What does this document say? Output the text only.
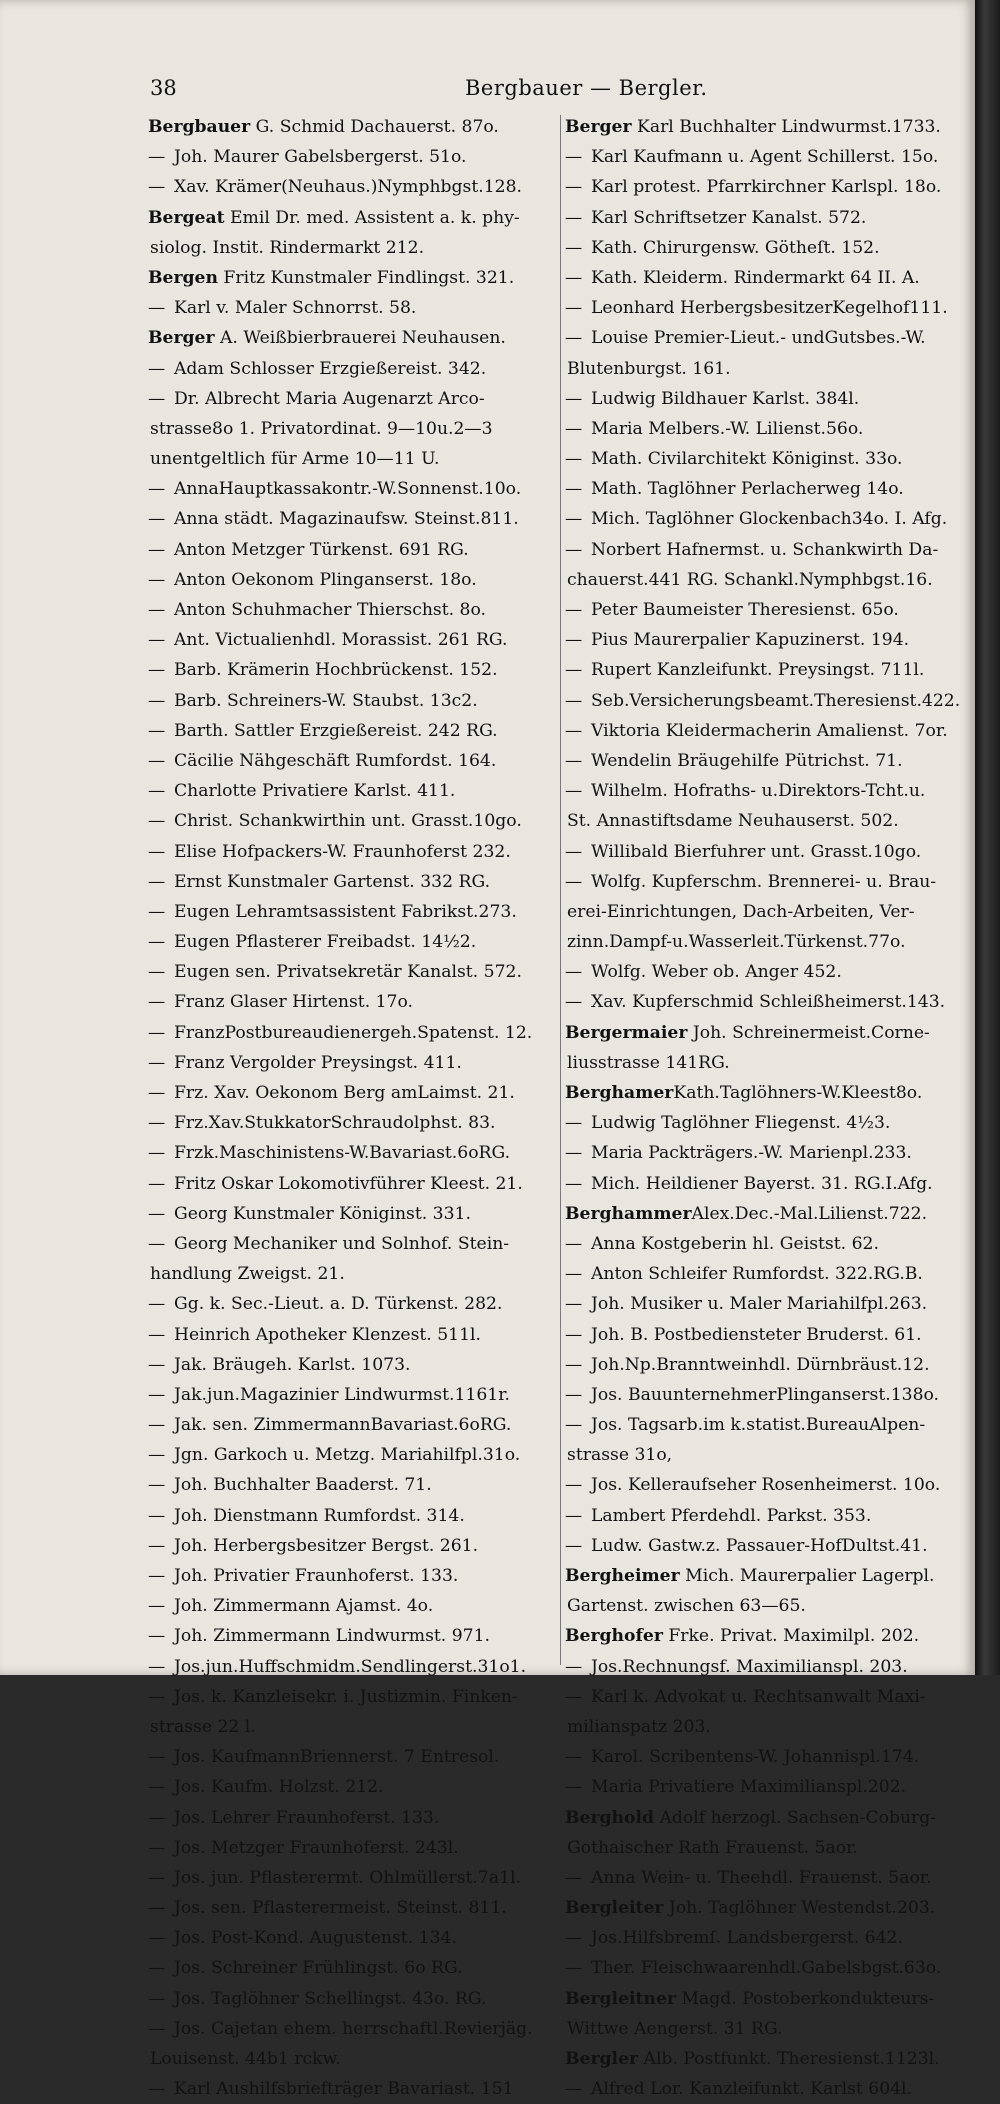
38	Bergbauer — Bergler.
Bergbauer G. Schmid Dachauerst. 87o.
— Joh. Maurer Gabelsbergerst. 51o.
— Xav. Krämer(Neuhaus.)Nymphbgst.128.
Bergeat Emil Dr. med. Assistent a. k. phy-
siolog. Instit. Rindermarkt 212.
Bergen Fritz Kunstmaler Findlingst. 321.
— Karl v. Maler Schnorrst. 58.
Berger A. Weißbierbrauerei Neuhausen.
— Adam Schlosser Erzgießereist. 342.
— Dr. Albrecht Maria Augenarzt Arco-
strasse8o 1. Privatordinat. 9—10u.2—3
unentgeltlich für Arme 10—11 U.
— AnnaHauptkassakontr.-W.Sonnenst.10o.
— Anna städt. Magazinaufsw. Steinst.811.
— Anton Metzger Türkenst. 691 RG.
— Anton Oekonom Plinganserst. 18o.
— Anton Schuhmacher Thierschst. 8o.
— Ant. Victualienhdl. Morassist. 261 RG.
— Barb. Krämerin Hochbrückenst. 152.
— Barb. Schreiners-W. Staubst. 13c2.
— Barth. Sattler Erzgießereist. 242 RG.
— Cäcilie Nähgeschäft Rumfordst. 164.
— Charlotte Privatiere Karlst. 411.
— Christ. Schankwirthin unt. Grasst.10go.
— Elise Hofpackers-W. Fraunhoferst 232.
— Ernst Kunstmaler Gartenst. 332 RG.
— Eugen Lehramtsassistent Fabrikst.273.
— Eugen Pflasterer Freibadst. 14½2.
— Eugen sen. Privatsekretär Kanalst. 572.
— Franz Glaser Hirtenst. 17o.
— FranzPostbureaudienergeh.Spatenst. 12.
— Franz Vergolder Preysingst. 411.
— Frz. Xav. Oekonom Berg amLaimst. 21.
— Frz.Xav.StukkatorSchraudolphst. 83.
— Frzk.Maschinistens-W.Bavariast.6oRG.
— Fritz Oskar Lokomotivführer Kleest. 21.
— Georg Kunstmaler Königinst. 331.
— Georg Mechaniker und Solnhof. Stein-
handlung Zweigst. 21.
— Gg. k. Sec.-Lieut. a. D. Türkenst. 282.
— Heinrich Apotheker Klenzest. 511l.
— Jak. Bräugeh. Karlst. 1073.
— Jak.jun.Magazinier Lindwurmst.1161r.
— Jak. sen. ZimmermannBavariast.6oRG.
— Jgn. Garkoch u. Metzg. Mariahilfpl.31o.
— Joh. Buchhalter Baaderst. 71.
— Joh. Dienstmann Rumfordst. 314.
— Joh. Herbergsbesitzer Bergst. 261.
— Joh. Privatier Fraunhoferst. 133.
— Joh. Zimmermann Ajamst. 4o.
— Joh. Zimmermann Lindwurmst. 971.
— Jos.jun.Huffschmidm.Sendlingerst.31o1.
— Jos. k. Kanzleisekr. i. Justizmin. Finken-
strasse 22 l.
— Jos. KaufmannBriennerst. 7 Entresol.
— Jos. Kaufm. Holzst. 212.
— Jos. Lehrer Fraunhoferst. 133.
— Jos. Metzger Fraunhoferst. 243l.
— Jos. jun. Pflasterermt. Ohlmüllerst.7a1l.
— Jos. sen. Pflasterermeist. Steinst. 811.
— Jos. Post-Kond. Augustenst. 134.
— Jos. Schreiner Frühlingst. 6o RG.
— Jos. Taglöhner Schellingst. 43o. RG.
— Jos. Cajetan ehem. herrschaftl.Revierjäg.
Louisenst. 44b1 rckw.
— Karl Aushilfsbriefträger Bavariast. 151
Berger Karl Buchhalter Lindwurmst.1733.
— Karl Kaufmann u. Agent Schillerst. 15o.
— Karl protest. Pfarrkirchner Karlspl. 18o.
— Karl Schriftsetzer Kanalst. 572.
— Kath. Chirurgensw. Götheſt. 152.
— Kath. Kleiderm. Rindermarkt 64 II. A.
— Leonhard HerbergsbesitzerKegelhof111.
— Louise Premier-Lieut.- undGutsbes.-W.
Blutenburgst. 161.
— Ludwig Bildhauer Karlst. 384l.
— Maria Melbers.-W. Lilienst.56o.
— Math. Civilarchitekt Königinst. 33o.
— Math. Taglöhner Perlacherweg 14o.
— Mich. Taglöhner Glockenbach34o. I. Afg.
— Norbert Hafnermst. u. Schankwirth Da-
chauerst.441 RG. Schankl.Nymphbgst.16.
— Peter Baumeister Theresienst. 65o.
— Pius Maurerpalier Kapuzinerst. 194.
— Rupert Kanzleifunkt. Preysingst. 711l.
— Seb.Versicherungsbeamt.Theresienst.422.
— Viktoria Kleidermacherin Amalienst. 7or.
— Wendelin Bräugehilfe Pütrichst. 71.
— Wilhelm. Hofraths- u.Direktors-Tcht.u.
St. Annastiftsdame Neuhauserst. 502.
— Willibald Bierfuhrer unt. Grasst.10go.
— Wolfg. Kupferschm. Brennerei- u. Brau-
erei-Einrichtungen, Dach-Arbeiten, Ver-
zinn.Dampf-u.Wasserleit.Türkenst.77o.
— Wolfg. Weber ob. Anger 452.
— Xav. Kupferschmid Schleißheimerst.143.
Bergermaier Joh. Schreinermeist.Corne-
liusstrasse 141RG.
BerghamerKath.Taglöhners-W.Kleest8o.
— Ludwig Taglöhner Fliegenst. 4½3.
— Maria Packträgers.-W. Marienpl.233.
— Mich. Heildiener Bayerst. 31. RG.I.Afg.
BerghammerAlex.Dec.-Mal.Lilienst.722.
— Anna Kostgeberin hl. Geistst. 62.
— Anton Schleifer Rumfordst. 322.RG.B.
— Joh. Musiker u. Maler Mariahilfpl.263.
— Joh. B. Postbediensteter Bruderst. 61.
— Joh.Np.Branntweinhdl. Dürnbräust.12.
— Jos. BauunternehmerPlinganserst.138o.
— Jos. Tagsarb.im k.statist.BureauAlpen-
strasse 31o,
— Jos. Kelleraufseher Rosenheimerst. 10o.
— Lambert Pferdehdl. Parkst. 353.
— Ludw. Gastw.z. Passauer-HofDultst.41.
Bergheimer Mich. Maurerpalier Lagerpl.
Gartenst. zwischen 63—65.
Berghofer Frke. Privat. Maximilpl. 202.
— Jos.Rechnungsf. Maximilianspl. 203.
— Karl k. Advokat u. Rechtsanwalt Maxi-
milianspatz 203.
— Karol. Scribentens-W. Johannispl.174.
— Maria Privatiere Maximilianspl.202.
Berghold Adolf herzogl. Sachsen-Coburg-
Gothaischer Rath Frauenst. 5aor.
— Anna Wein- u. Theehdl. Frauenst. 5aor.
Bergleiter Joh. Taglöhner Westendst.203.
— Jos.Hilfsbremſ. Landsbergerst. 642.
— Ther. Fleischwaarenhdl.Gabelsbgst.63o.
Bergleitner Magd. Postoberkondukteurs-
Wittwe Aengerst. 31 RG.
Bergler Alb. Postfunkt. Theresienst.1123l.
— Alfred Lor. Kanzleifunkt. Karlst 604l.
